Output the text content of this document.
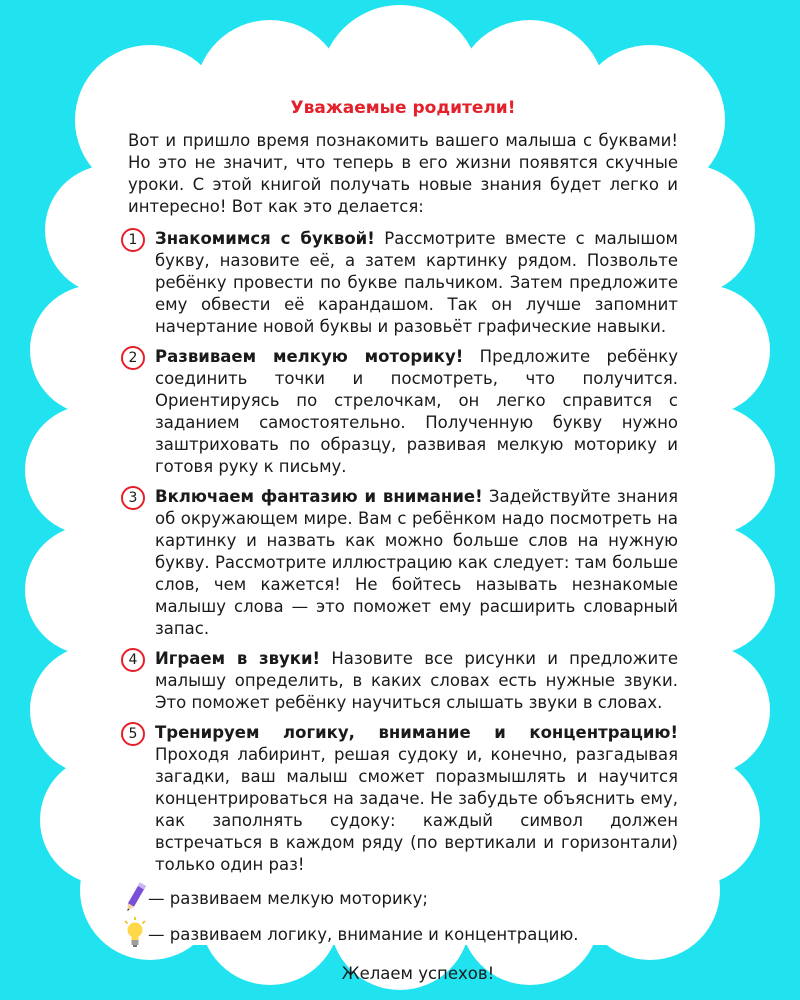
Уважаемые родители!
Вот и пришло время познакомить вашего малыша с буквами! Но это не значит, что теперь в его жизни появятся скучные уроки. С этой книгой получать новые знания будет легко и интересно! Вот как это делается:
1	Знакомимся с буквой! Рассмотрите вместе с малышом букву, назовите её, а затем картинку рядом. Позвольте ребёнку провести по букве пальчиком. Затем предложите ему обвести её карандашом. Так он лучше запомнит начертание новой буквы и разовьёт графические навыки.
2	Развиваем мелкую моторику! Предложите ребёнку соединить точки и посмотреть, что получится. Ориентируясь по стрелочкам, он легко справится с заданием самостоятельно. Полученную букву нужно заштриховать по образцу, развивая мелкую моторику и готовя руку к письму.
3	Включаем фантазию и внимание! Задействуйте знания об окружающем мире. Вам с ребёнком надо посмотреть на картинку и назвать как можно больше слов на нужную букву. Рассмотрите иллюстрацию как следует: там больше слов, чем кажется! Не бойтесь называть незнакомые малышу слова — это поможет ему расширить словарный запас.
4	Играем в звуки! Назовите все рисунки и предложите малышу определить, в каких словах есть нужные звуки. Это поможет ребёнку научиться слышать звуки в словах.
5	Тренируем логику, внимание и концентрацию! Проходя лабиринт, решая судоку и, конечно, разгадывая загадки, ваш малыш сможет поразмышлять и научится концентрироваться на задаче. Не забудьте объяснить ему, как заполнять судоку: каждый символ должен встречаться в каждом ряду (по вертикали и горизонтали) только один раз!
— развиваем мелкую моторику;
— развиваем логику, внимание и концентрацию.
Желаем успехов!
